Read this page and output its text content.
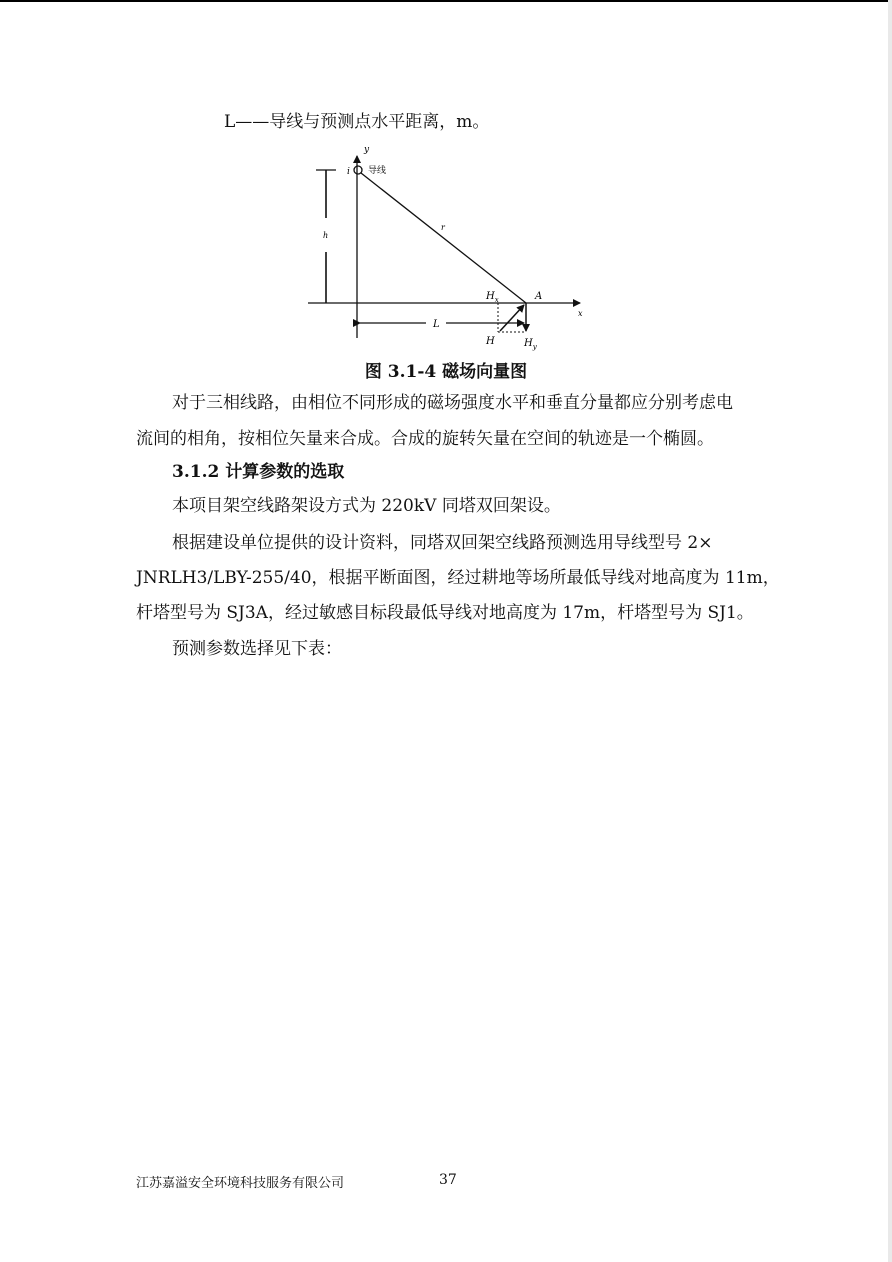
L——导线与预测点水平距离，m。
y
i 导线
h
r
$H_x$	A
x
L
H	$H_y$
图 3.1-4 磁场向量图
对于三相线路，由相位不同形成的磁场强度水平和垂直分量都应分别考虑电
流间的相角，按相位矢量来合成。合成的旋转矢量在空间的轨迹是一个椭圆。
3.1.2 计算参数的选取
本项目架空线路架设方式为 220kV 同塔双回架设。
根据建设单位提供的设计资料，同塔双回架空线路预测选用导线型号 2×
JNRLH3/LBY-255/40，根据平断面图，经过耕地等场所最低导线对地高度为 11m，
杆塔型号为 SJ3A，经过敏感目标段最低导线对地高度为 17m，杆塔型号为 SJ1。
预测参数选择见下表：
江苏嘉溢安全环境科技服务有限公司	37
